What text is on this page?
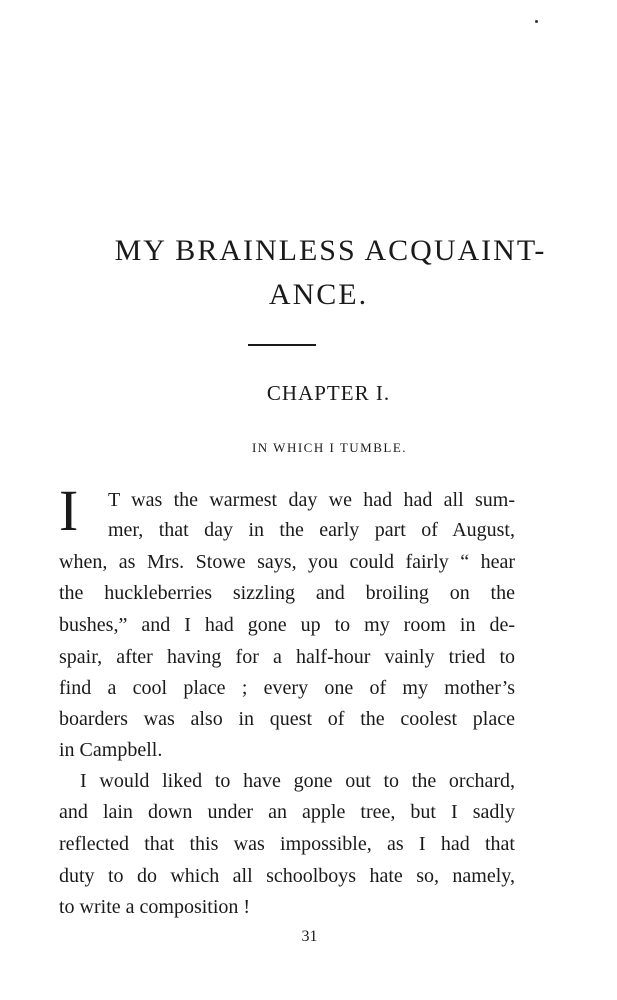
MY BRAINLESS ACQUAINT-
ANCE.
CHAPTER I.
IN WHICH I TUMBLE.
I T was the warmest day we had had all sum-
mer, that day in the early part of August,
when, as Mrs. Stowe says, you could fairly “ hear
the huckleberries sizzling and broiling on the
bushes,” and I had gone up to my room in de-
spair, after having for a half-hour vainly tried to
find a cool place ; every one of my mother’s
boarders was also in quest of the coolest place
in Campbell.
I would liked to have gone out to the orchard,
and lain down under an apple tree, but I sadly
reflected that this was impossible, as I had that
duty to do which all schoolboys hate so, namely,
to write a composition !
31
